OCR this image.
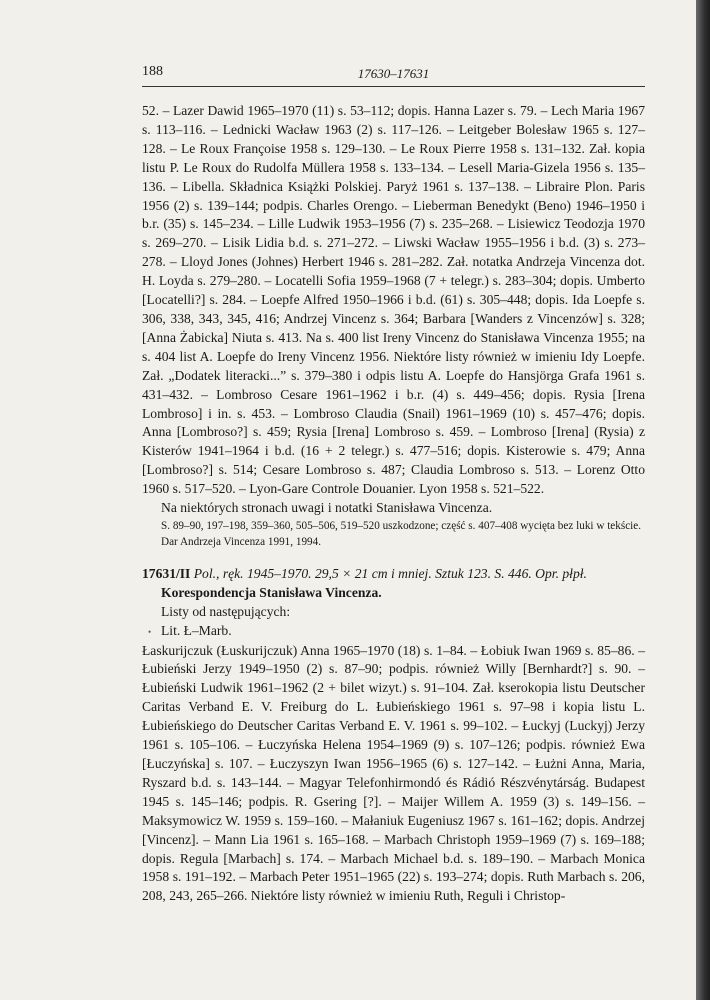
188	17630–17631

52. – Lazer Dawid 1965–1970 (11) s. 53–112; dopis. Hanna Lazer s. 79. – Lech Maria 1967 s. 113–116. – Lednicki Wacław 1963 (2) s. 117–126. – Leitgeber Bolesław 1965 s. 127–128. – Le Roux Françoise 1958 s. 129–130. – Le Roux Pierre 1958 s. 131–132. Zał. kopia listu P. Le Roux do Rudolfa Müllera 1958 s. 133–134. – Lesell Maria-Gizela 1956 s. 135–136. – Libella. Składnica Książki Polskiej. Paryż 1961 s. 137–138. – Libraire Plon. Paris 1956 (2) s. 139–144; podpis. Charles Orengo. – Lieberman Benedykt (Beno) 1946–1950 i b.r. (35) s. 145–234. – Lille Ludwik 1953–1956 (7) s. 235–268. – Lisiewicz Teodozja 1970 s. 269–270. – Lisik Lidia b.d. s. 271–272. – Liwski Wacław 1955–1956 i b.d. (3) s. 273–278. – Lloyd Jones (Johnes) Herbert 1946 s. 281–282. Zał. notatka Andrzeja Vincenza dot. H. Loyda s. 279–280. – Locatelli Sofia 1959–1968 (7 + telegr.) s. 283–304; dopis. Umberto [Locatelli?] s. 284. – Loepfe Alfred 1950–1966 i b.d. (61) s. 305–448; dopis. Ida Loepfe s. 306, 338, 343, 345, 416; Andrzej Vincenz s. 364; Barbara [Wanders z Vincenzów] s. 328; [Anna Żabicka] Niuta s. 413. Na s. 400 list Ireny Vincenz do Stanisława Vincenza 1955; na s. 404 list A. Loepfe do Ireny Vincenz 1956. Niektóre listy również w imieniu Idy Loepfe. Zał. „Dodatek literacki...” s. 379–380 i odpis listu A. Loepfe do Hansjörga Grafa 1961 s. 431–432. – Lombroso Cesare 1961–1962 i b.r. (4) s. 449–456; dopis. Rysia [Irena Lombroso] i in. s. 453. – Lombroso Claudia (Snail) 1961–1969 (10) s. 457–476; dopis. Anna [Lombroso?] s. 459; Rysia [Irena] Lombroso s. 459. – Lombroso [Irena] (Rysia) z Kisterów 1941–1964 i b.d. (16 + 2 telegr.) s. 477–516; dopis. Kisterowie s. 479; Anna [Lombroso?] s. 514; Cesare Lombroso s. 487; Claudia Lombroso s. 513. – Lorenz Otto 1960 s. 517–520. – Lyon-Gare Controle Douanier. Lyon 1958 s. 521–522.

Na niektórych stronach uwagi i notatki Stanisława Vincenza.

S. 89–90, 197–198, 359–360, 505–506, 519–520 uszkodzone; część s. 407–408 wycięta bez luki w tekście.

Dar Andrzeja Vincenza 1991, 1994.

17631/II Pol., ręk. 1945–1970. 29,5 × 21 cm i mniej. Sztuk 123. S. 446. Opr. płpł.

Korespondencja Stanisława Vincenza.

Listy od następujących:

• Lit. Ł–Marb.

Łaskurijczuk (Łuskurijczuk) Anna 1965–1970 (18) s. 1–84. – Łobiuk Iwan 1969 s. 85–86. – Łubieński Jerzy 1949–1950 (2) s. 87–90; podpis. również Willy [Bernhardt?] s. 90. – Łubieński Ludwik 1961–1962 (2 + bilet wizyt.) s. 91–104. Zał. kserokopia listu Deutscher Caritas Verband E. V. Freiburg do L. Łubieńskiego 1961 s. 97–98 i kopia listu L. Łubieńskiego do Deutscher Caritas Verband E. V. 1961 s. 99–102. – Łuckyj (Luckyj) Jerzy 1961 s. 105–106. – Łuczyńska Helena 1954–1969 (9) s. 107–126; podpis. również Ewa [Łuczyńska] s. 107. – Łuczyszyn Iwan 1956–1965 (6) s. 127–142. – Łużni Anna, Maria, Ryszard b.d. s. 143–144. – Magyar Telefonhirmondó és Rádió Részvénytárság. Budapest 1945 s. 145–146; podpis. R. Gsering [?]. – Maijer Willem A. 1959 (3) s. 149–156. – Maksymowicz W. 1959 s. 159–160. – Małaniuk Eugeniusz 1967 s. 161–162; dopis. Andrzej [Vincenz]. – Mann Lia 1961 s. 165–168. – Marbach Christoph 1959–1969 (7) s. 169–188; dopis. Regula [Marbach] s. 174. – Marbach Michael b.d. s. 189–190. – Marbach Monica 1958 s. 191–192. – Marbach Peter 1951–1965 (22) s. 193–274; dopis. Ruth Marbach s. 206, 208, 243, 265–266. Niektóre listy również w imieniu Ruth, Reguli i Christop-
